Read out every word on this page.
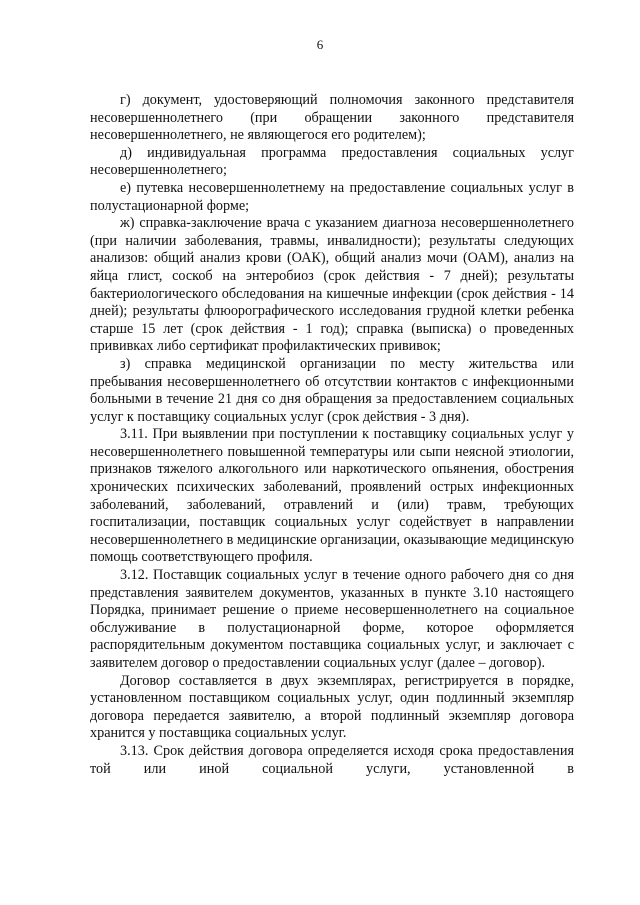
6

г) документ, удостоверяющий полномочия законного представителя несовершеннолетнего (при обращении законного представителя несовершеннолетнего, не являющегося его родителем);

д) индивидуальная программа предоставления социальных услуг несовершеннолетнего;

е) путевка несовершеннолетнему на предоставление социальных услуг в полустационарной форме;

ж) справка-заключение врача с указанием диагноза несовершеннолетнего (при наличии заболевания, травмы, инвалидности); результаты следующих анализов: общий анализ крови (ОАК), общий анализ мочи (ОАМ), анализ на яйца глист, соскоб на энтеробиоз (срок действия - 7 дней); результаты бактериологического обследования на кишечные инфекции (срок действия - 14 дней); результаты флюорографического исследования грудной клетки ребенка старше 15 лет (срок действия - 1 год); справка (выписка) о проведенных прививках либо сертификат профилактических прививок;

з) справка медицинской организации по месту жительства или пребывания несовершеннолетнего об отсутствии контактов с инфекционными больными в течение 21 дня со дня обращения за предоставлением социальных услуг к поставщику социальных услуг (срок действия - 3 дня).

3.11. При выявлении при поступлении к поставщику социальных услуг у несовершеннолетнего повышенной температуры или сыпи неясной этиологии, признаков тяжелого алкогольного или наркотического опьянения, обострения хронических психических заболеваний, проявлений острых инфекционных заболеваний, заболеваний, отравлений и (или) травм, требующих госпитализации, поставщик социальных услуг содействует в направлении несовершеннолетнего в медицинские организации, оказывающие медицинскую помощь соответствующего профиля.

3.12. Поставщик социальных услуг в течение одного рабочего дня со дня представления заявителем документов, указанных в пункте 3.10 настоящего Порядка, принимает решение о приеме несовершеннолетнего на социальное обслуживание в полустационарной форме, которое оформляется распорядительным документом поставщика социальных услуг, и заключает с заявителем договор о предоставлении социальных услуг (далее – договор).

Договор составляется в двух экземплярах, регистрируется в порядке, установленном поставщиком социальных услуг, один подлинный экземпляр договора передается заявителю, а второй подлинный экземпляр договора хранится у поставщика социальных услуг.

3.13. Срок действия договора определяется исходя срока предоставления той или иной социальной услуги, установленной в
